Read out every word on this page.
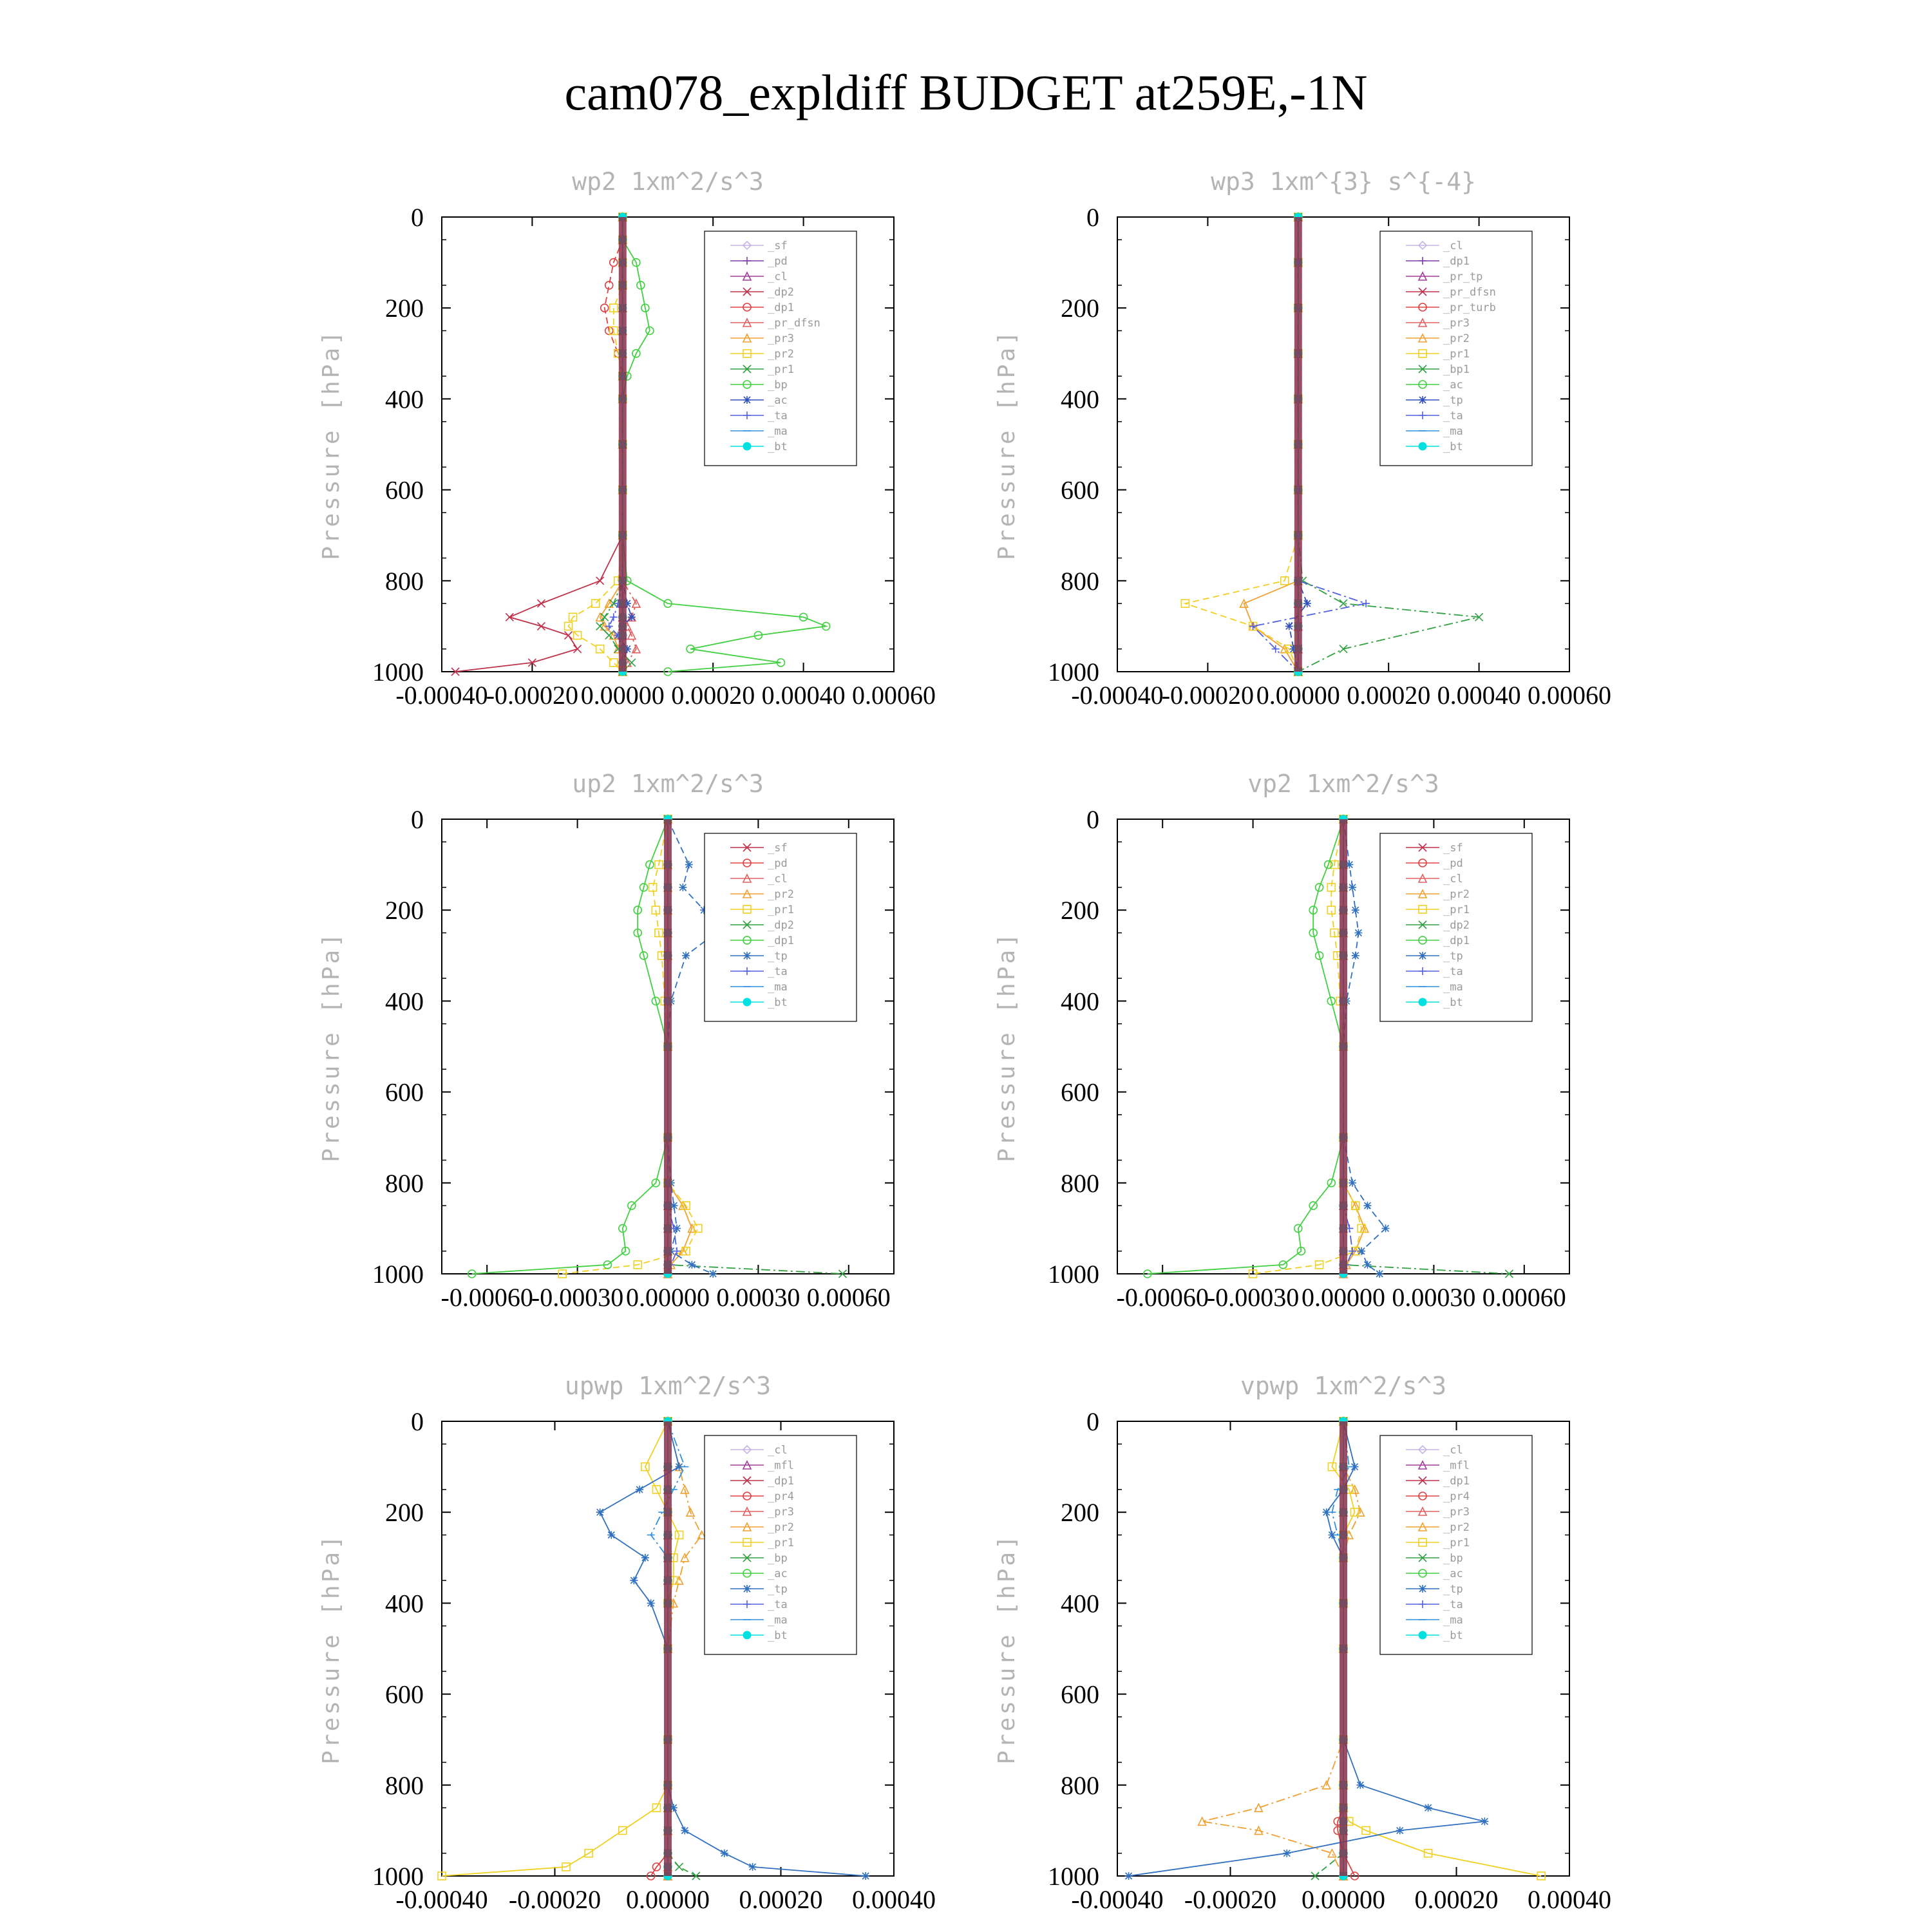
cam078_expldiff BUDGET at259E,-1N
wp2 1xm^2/s^3
Pressure [hPa]
0
200
400
600
800
1000
-0.00040
-0.00020 0.00000 0.00020 0.00040 0.00060
_sf
_pd
_cl
_dp2
_dp1
_pr_dfsn
_pr3
_pr2
_pr1
_bp
_ac
_ta
_ma
_bt
wp3 1xm^{3} s^{-4}
Pressure [hPa]
0
200
400
600
800
1000
-0.00040
-0.00020 0.00000 0.00020 0.00040 0.00060
_cl
_dp1
_pr_tp
_pr_dfsn
_pr_turb
_pr3
_pr2
_pr1
_bp1
_ac
_tp
_ta
_ma
_bt
up2 1xm^2/s^3
Pressure [hPa]
0
200
400
600
800
1000
-0.00060
-0.00030 0.00000 0.00030 0.00060
_sf
_pd
_cl
_pr2
_pr1
_dp2
_dp1
_tp
_ta
_ma
_bt
vp2 1xm^2/s^3
Pressure [hPa]
0
200
400
600
800
1000
-0.00060
-0.00030 0.00000 0.00030 0.00060
_sf
_pd
_cl
_pr2
_pr1
_dp2
_dp1
_tp
_ta
_ma
_bt
upwp 1xm^2/s^3
Pressure [hPa]
0
200
400
600
800
1000
-0.00040 -0.00020 0.00000 0.00020 0.00040
_cl
_mfl
_dp1
_pr4
_pr3
_pr2
_pr1
_bp
_ac
_tp
_ta
_ma
_bt
vpwp 1xm^2/s^3
Pressure [hPa]
0
200
400
600
800
1000
-0.00040 -0.00020 0.00000 0.00020 0.00040
_cl
_mfl
_dp1
_pr4
_pr3
_pr2
_pr1
_bp
_ac
_tp
_ta
_ma
_bt
